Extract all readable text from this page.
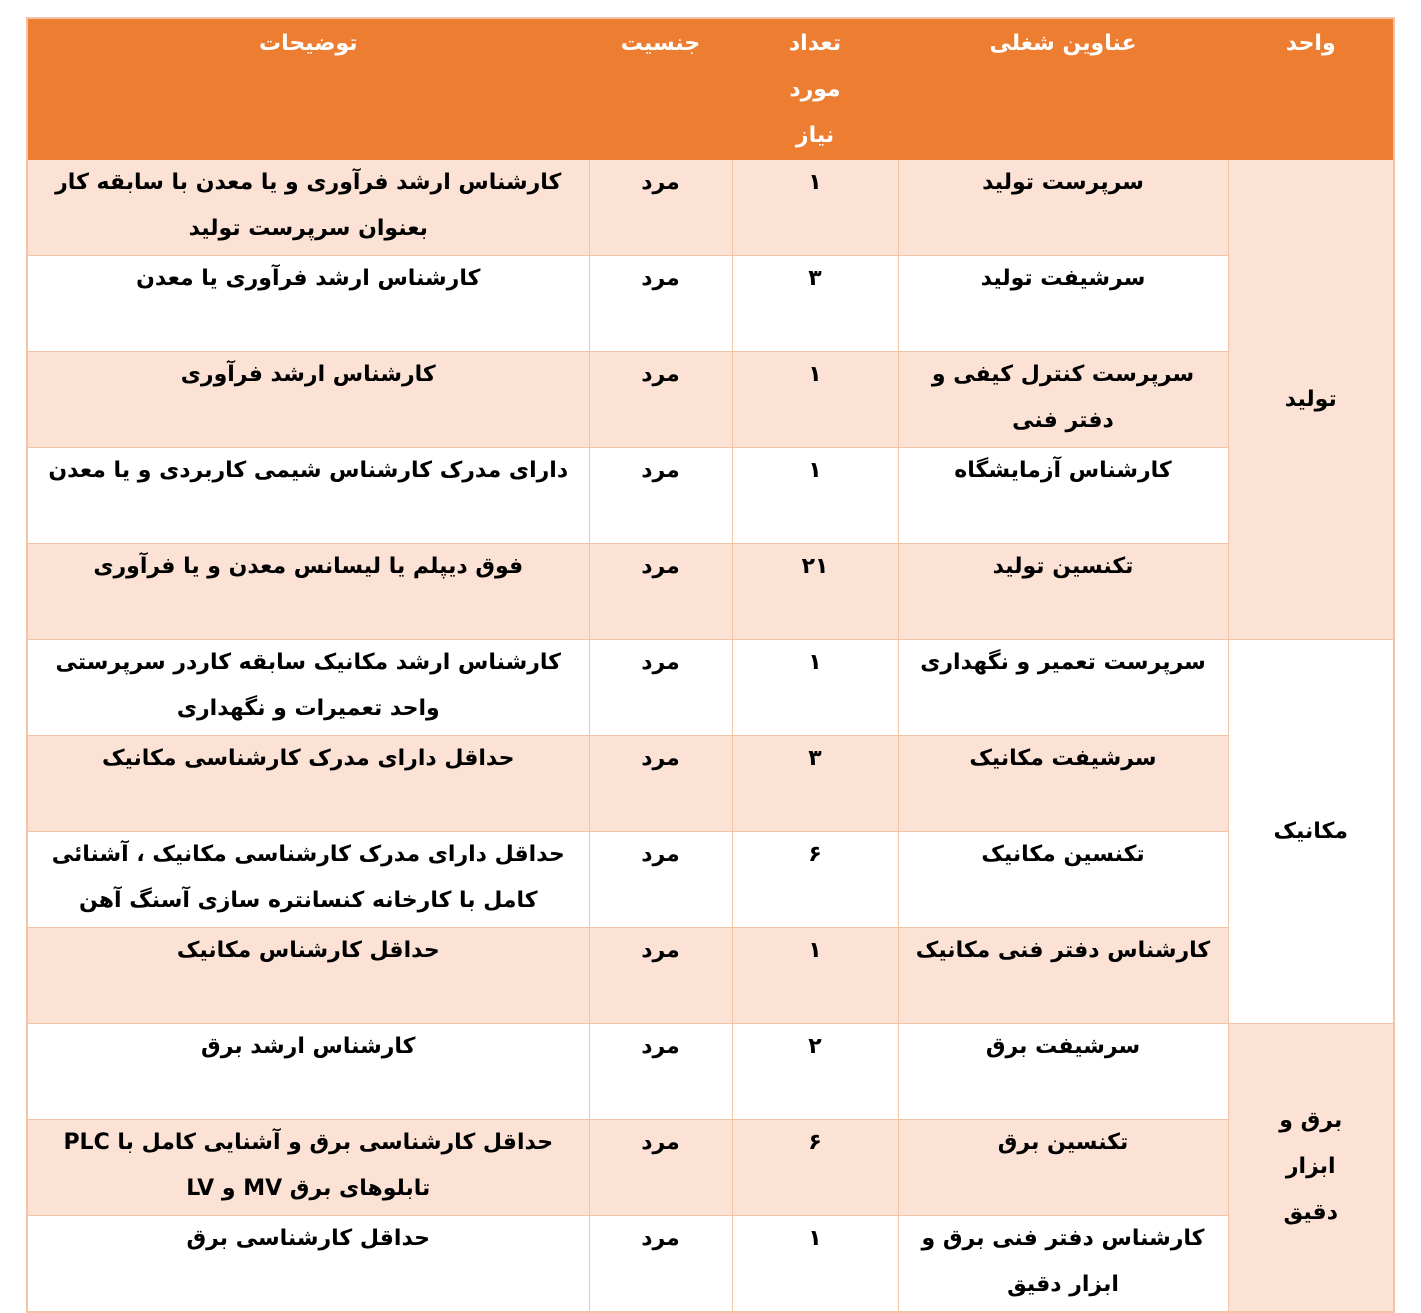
واحد	عناوین شغلی	تعداد مورد نیاز	جنسیت	توضیحات

تولید	سرپرست تولید	۱	مرد	کارشناس ارشد فرآوری و یا معدن با سابقه کار بعنوان سرپرست تولید
	سرشیفت تولید	۳	مرد	کارشناس ارشد فرآوری یا معدن
	سرپرست کنترل کیفی و دفتر فنی	۱	مرد	کارشناس ارشد فرآوری
	کارشناس آزمایشگاه	۱	مرد	دارای مدرک کارشناس شیمی کاربردی و یا معدن
	تکنسین تولید	۲۱	مرد	فوق دیپلم یا لیسانس معدن و یا فرآوری

مکانیک	سرپرست تعمیر و نگهداری	۱	مرد	کارشناس ارشد مکانیک سابقه کاردر سرپرستی واحد تعمیرات و نگهداری
	سرشیفت مکانیک	۳	مرد	حداقل دارای مدرک کارشناسی مکانیک
	تکنسین مکانیک	۶	مرد	حداقل دارای مدرک کارشناسی مکانیک ، آشنائی کامل با کارخانه کنسانتره سازی آسنگ آهن
	کارشناس دفتر فنی مکانیک	۱	مرد	حداقل کارشناس مکانیک

برق و ابزار دقیق	سرشیفت برق	۲	مرد	کارشناس ارشد برق
	تکنسین برق	۶	مرد	حداقل کارشناسی برق و آشنایی کامل با PLC تابلوهای برق MV و LV
	کارشناس دفتر فنی برق و ابزار دقیق	۱	مرد	حداقل کارشناسی برق
